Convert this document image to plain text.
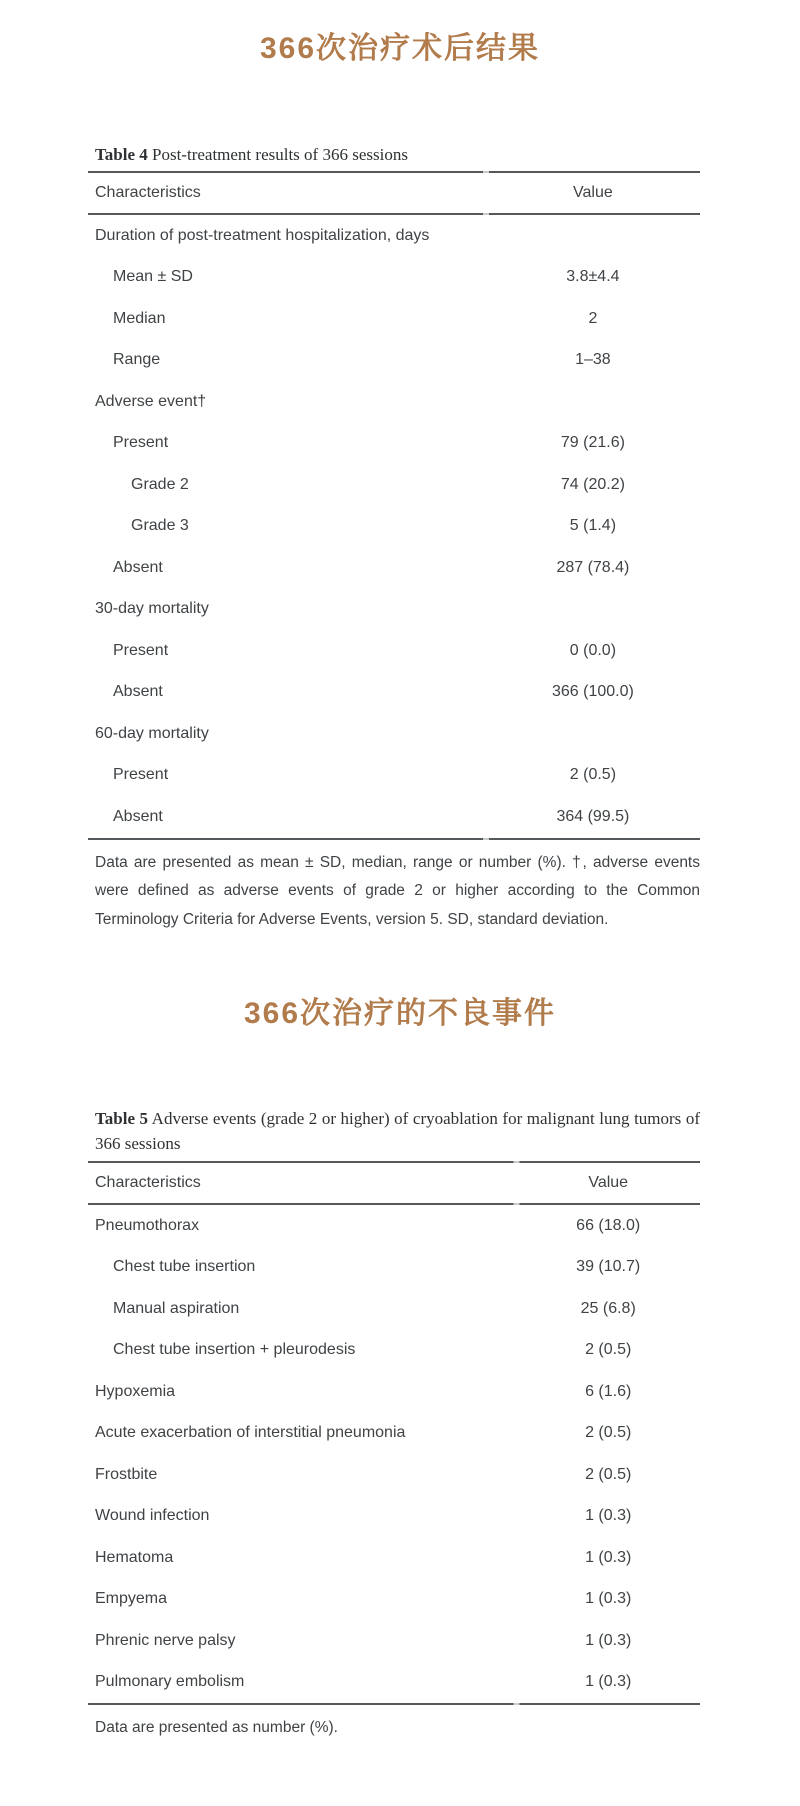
366次治疗术后结果

Table 4 Post-treatment results of 366 sessions

Characteristics	Value
Duration of post-treatment hospitalization, days
Mean ± SD	3.8±4.4
Median	2
Range	1–38
Adverse event†
Present	79 (21.6)
Grade 2	74 (20.2)
Grade 3	5 (1.4)
Absent	287 (78.4)
30-day mortality
Present	0 (0.0)
Absent	366 (100.0)
60-day mortality
Present	2 (0.5)
Absent	364 (99.5)

Data are presented as mean ± SD, median, range or number (%). †, adverse events were defined as adverse events of grade 2 or higher according to the Common Terminology Criteria for Adverse Events, version 5. SD, standard deviation.

366次治疗的不良事件

Table 5 Adverse events (grade 2 or higher) of cryoablation for malignant lung tumors of 366 sessions

Characteristics	Value
Pneumothorax	66 (18.0)
Chest tube insertion	39 (10.7)
Manual aspiration	25 (6.8)
Chest tube insertion + pleurodesis	2 (0.5)
Hypoxemia	6 (1.6)
Acute exacerbation of interstitial pneumonia	2 (0.5)
Frostbite	2 (0.5)
Wound infection	1 (0.3)
Hematoma	1 (0.3)
Empyema	1 (0.3)
Phrenic nerve palsy	1 (0.3)
Pulmonary embolism	1 (0.3)

Data are presented as number (%).
